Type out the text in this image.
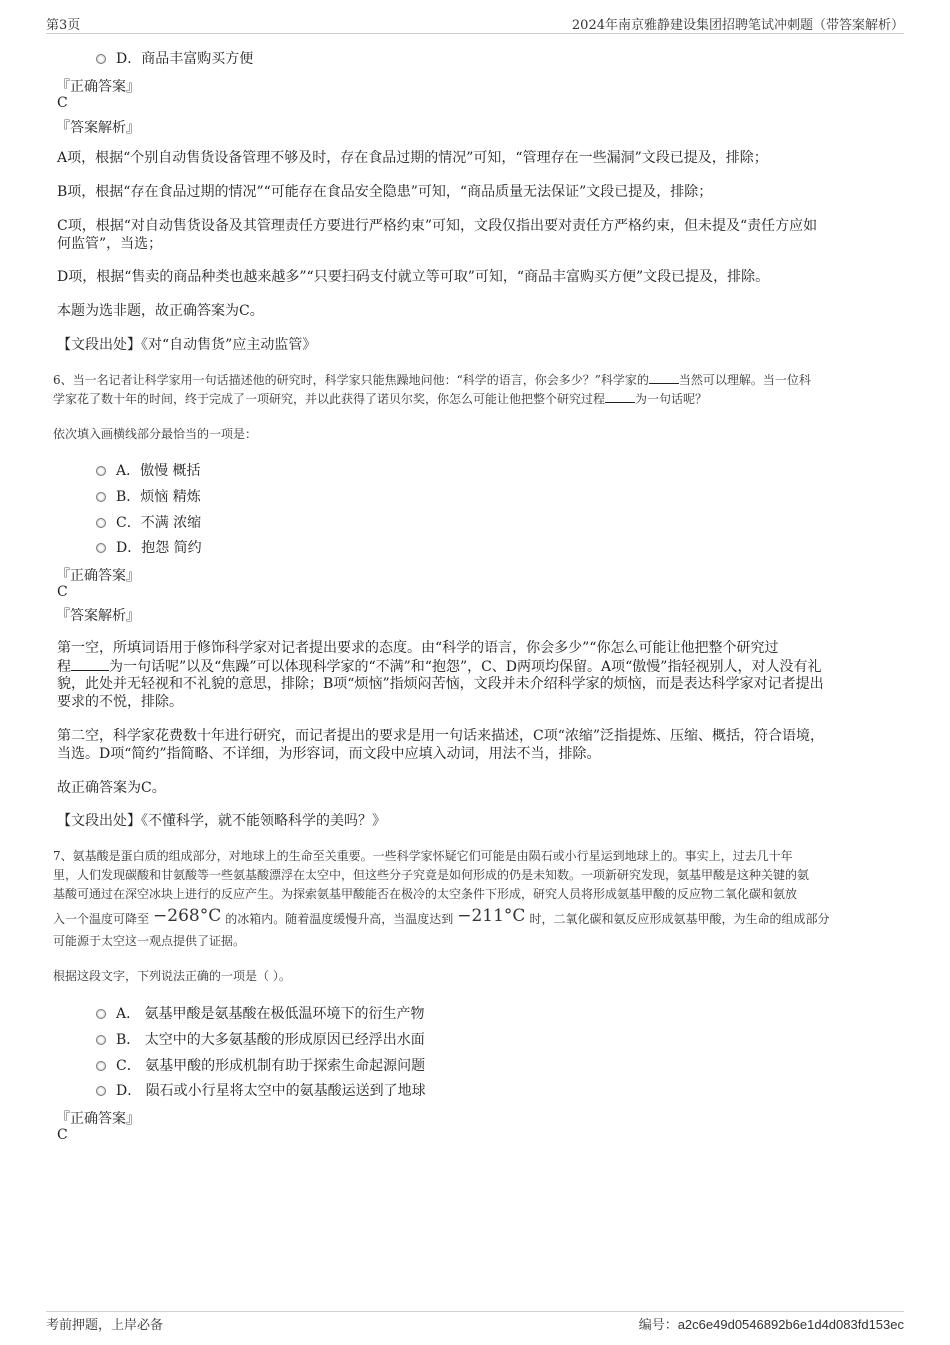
第3页	2024年南京雅静建设集团招聘笔试冲刺题（带答案解析）
D．商品丰富购买方便
『正确答案』
C
『答案解析』
A项，根据“个别自动售货设备管理不够及时，存在食品过期的情况”可知，“管理存在一些漏洞”文段已提及，排除；
B项，根据“存在食品过期的情况”“可能存在食品安全隐患”可知，“商品质量无法保证”文段已提及，排除；
C项，根据“对自动售货设备及其管理责任方要进行严格约束”可知，文段仅指出要对责任方严格约束，但未提及“责任方应如
何监管”，当选；
D项，根据“售卖的商品种类也越来越多”“只要扫码支付就立等可取”可知，“商品丰富购买方便”文段已提及，排除。
本题为选非题，故正确答案为C。
【文段出处】《对“自动售货”应主动监管》
6、当一名记者让科学家用一句话描述他的研究时，科学家只能焦躁地问他：“科学的语言，你会多少？”科学家的	当然可以理解。当一位科
学家花了数十年的时间，终于完成了一项研究，并以此获得了诺贝尔奖，你怎么可能让他把整个研究过程	为一句话呢？
依次填入画横线部分最恰当的一项是：
A．傲慢 概括
B．烦恼 精炼
C．不满 浓缩
D．抱怨 简约
『正确答案』
C
『答案解析』
第一空，所填词语用于修饰科学家对记者提出要求的态度。由“科学的语言，你会多少”“你怎么可能让他把整个研究过
程	为一句话呢”以及“焦躁”可以体现科学家的“不满”和“抱怨”，C、D两项均保留。A项“傲慢”指轻视别人，对人没有礼
貌，此处并无轻视和不礼貌的意思，排除；B项“烦恼”指烦闷苦恼，文段并未介绍科学家的烦恼，而是表达科学家对记者提出
要求的不悦，排除。
第二空，科学家花费数十年进行研究，而记者提出的要求是用一句话来描述，C项“浓缩”泛指提炼、压缩、概括，符合语境，
当选。D项“简约”指简略、不详细，为形容词，而文段中应填入动词，用法不当，排除。
故正确答案为C。
【文段出处】《不懂科学，就不能领略科学的美吗？》
7、氨基酸是蛋白质的组成部分，对地球上的生命至关重要。一些科学家怀疑它们可能是由陨石或小行星运到地球上的。事实上，过去几十年
里，人们发现碳酸和甘氨酸等一些氨基酸漂浮在太空中，但这些分子究竟是如何形成的仍是未知数。一项新研究发现，氨基甲酸是这种关键的氨
基酸可通过在深空冰块上进行的反应产生。为探索氨基甲酸能否在极冷的太空条件下形成，研究人员将形成氨基甲酸的反应物二氧化碳和氨放
入一个温度可降至 −268°C 的冰箱内。随着温度缓慢升高，当温度达到 −211°C 时，二氧化碳和氨反应形成氨基甲酸，为生命的组成部分
可能源于太空这一观点提供了证据。
根据这段文字，下列说法正确的一项是（ ）。
A． 氨基甲酸是氨基酸在极低温环境下的衍生产物
B． 太空中的大多氨基酸的形成原因已经浮出水面
C． 氨基甲酸的形成机制有助于探索生命起源问题
D． 陨石或小行星将太空中的氨基酸运送到了地球
『正确答案』
C
考前押题，上岸必备	编号：a2c6e49d0546892b6e1d4d083fd153ec
